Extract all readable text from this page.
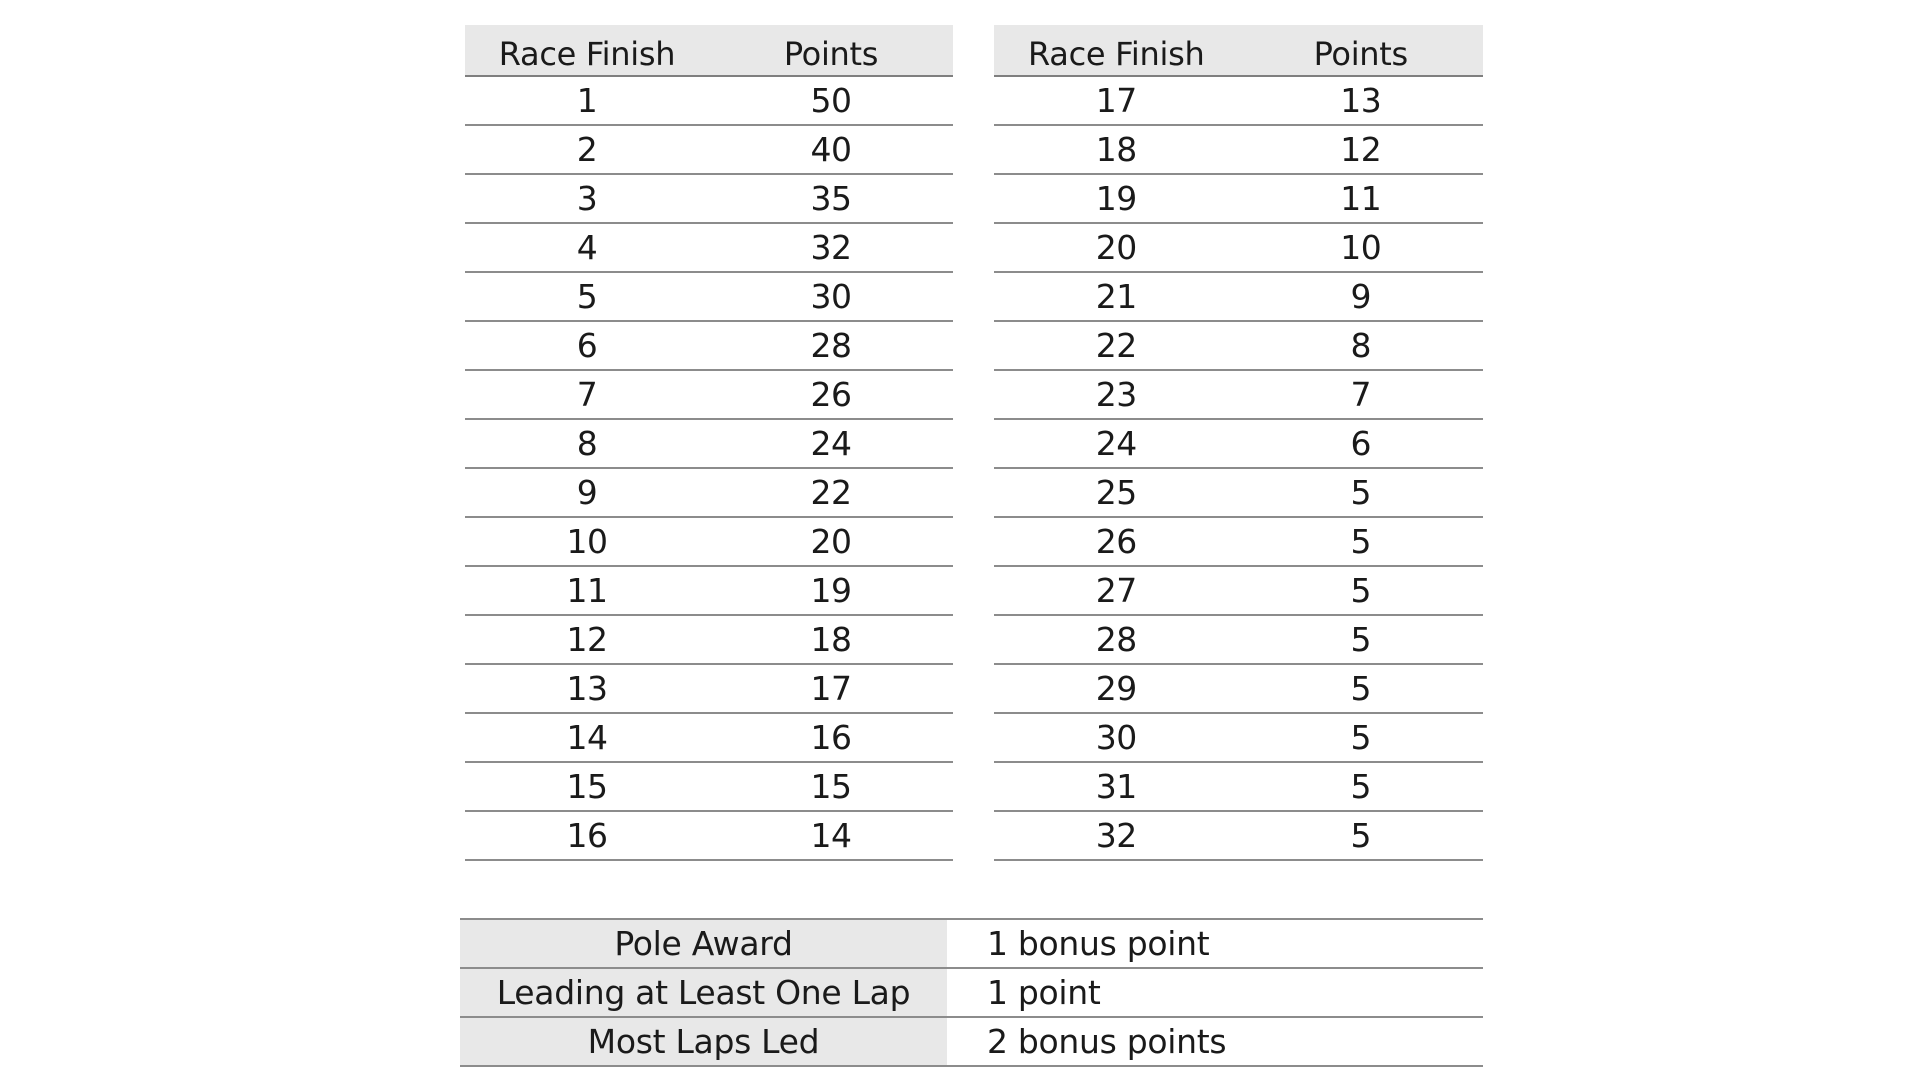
Race Finish	Points
1	50
2	40
3	35
4	32
5	30
6	28
7	26
8	24
9	22
10	20
11	19
12	18
13	17
14	16
15	15
16	14
Race Finish	Points
17	13
18	12
19	11
20	10
21	9
22	8
23	7
24	6
25	5
26	5
27	5
28	5
29	5
30	5
31	5
32	5
Pole Award	1 bonus point
Leading at Least One Lap	1 point
Most Laps Led	2 bonus points
